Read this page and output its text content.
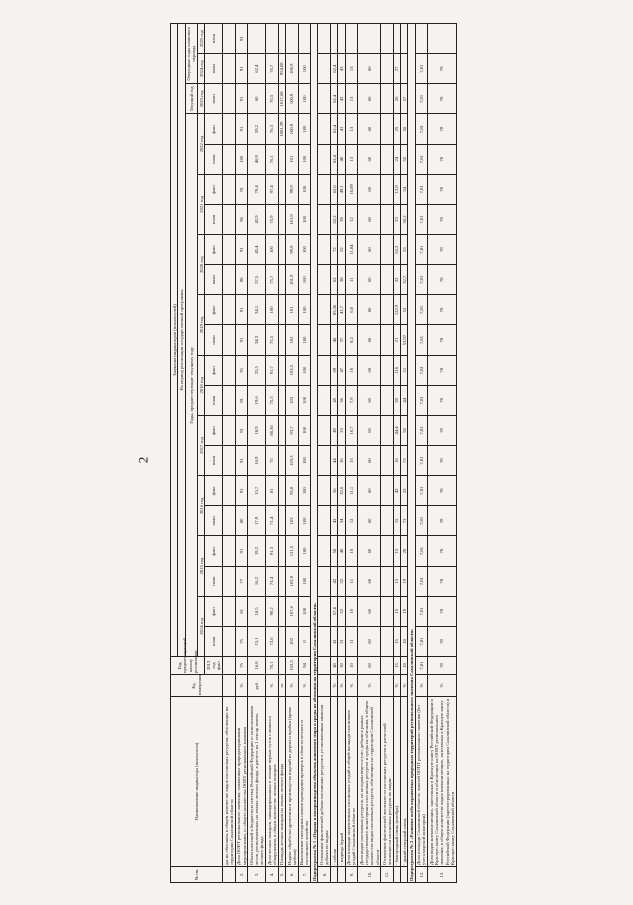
2
№ пп.	Наименование индикатора (показателя)	Ед. измерения	Год, предшествующий началу реализации	Значения индикаторов (показателей)																				
				На период реализации государственной программы																				
				Годы, предшествующие текущему году																		Текущий год	Очередные годы планового периода	
				2014 год		2015 год		2016 год		2017 год		2018 год		2019 год		2020 год		2021 год		2022 год		2023 год	2024 год	2025 год
			2013 год факт	план	факт	план	факт	план	факт	план	факт	план	факт	план	факт	план	факт	план	факт	план	факт	план	план	план
	ды их обитания, в общем количестве видов охотничьих ресурсов, обитающих на территории Сахалинской области																							
2.	Доля ООПТ регионального значения, охваченных природоохранными мероприятиями, от общего количества ООПТ регионального значения	%	75	75	81	77	91	80	91	91	91	91	91	91	91	98	91	96	91	100	91	91	91	91
3.	Объем платежей в бюджетную систему Российской Федерации от использования лесов, расположенных на землях лесного фонда, в расчете на 1 гектар земель лесного фонда	руб.	16,8	15,1	18,5	16,2	19,2	17,9	15,7	16,9	18,9	19,6	25,5	34,3	34,1	57,5	45,4	42,9	70,4	46,9	59,2	60	62,4	
4.	Доля лесных пожаров, ликвидированных в течение первых суток с момента обнаружения, в общем количестве лесных пожаров	%	70,1	72,6	90,2	73,4	91,3	71,4	81	75	86,36	75,3	91,7	75,5	100	75,7	100	75,9	97,4	76,1	76,3	76,5	76,7	
5.	Площадь лесных пожаров на землях лесного фонда	га																			1081,29	1017,68	954,08	
6.	Индекс обработки древесины и производства изделий из дерева и пробки (кроме мебели)	%	103,3	102	107,6	102,9	121,5	103	95,8	103,3	93,7	103	103,5	102	101	101,9	99,9	101,9	99,9	101	100,9	100,9	100,9	
7.	Выполнение ежегодных планов проведения проверок в области лесного и охотничьего хозяйства	%	94	0	100	100	100	100	100	100	100	100	100	100	100	100	100	100	100	100	100	100	100	
Подпрограмма № 1 «Охрана и воспроизводство объектов животного мира и среды их обитания на территории Сахалинской области»																								
8.	Отношение фактической добычи охотничьих ресурсов к установленным лимитам добычи по видам:																							
	- соболь	%	40	41	57,4	42	58	43	56	44	49	45	69	46	85,36	62	72	62,2	62,6	62,4	62,4	62,4	62,4	
	- медведь бурый	%	30	31	32	32	40	34	32,6	36	33	36	47	37	41,7	38	52	39	49,1	40	41	42	43	
9.	Доля площади закрепленных охотничьих угодий в общей площади охотничьих угодий Сахалинской области	%	10	11	10	11	10	12	11,1	13	10,7	7,9	10	8,2	6,8	11	11,84	12	10,89	13	13	13	13	
10.	Доля видов охотничьих ресурсов, по которым ведется учет добычи в рамках государственного мониторинга охотничьих ресурсов и среды их обитания, в общем количестве видов охотничьих ресурсов, обитающих на территории Сахалинской области	%	60	60	60	60	60	60	60	60	60	60	60	60	60	60	60	60	60	60	60	60	60	
11.	Отношение фактической численности охотничьих ресурсов к расчетной численности охотничьих ресурсов по видам:																							
	- благородный олень (изюбрь)	%	15	15	15	15	15	15	42	16	44,4	20	116	21	122,9	22	62,2	23	12,9	24	25	26	27	
	- дикий северный олень	%	18	18	19	19	20	73	22	73	50	44	51	53,97	52	32,7	53	50,2	54	55	56	57		
Подпрограмма № 2 «Развитие особо охраняемых природных территорий регионального значения Сахалинской области»																								
12.	Доля площади Сахалинской области, занятой ООПТ регионального значения (без учета морской акватории)	%	7,81	7,81	7,81	7,81	7,81	7,81	7,81	7,81	7,81	7,81	7,81	7,81	7,81	7,81	7,81	7,81	7,81	7,81	7,81	7,81	7,81	
13.	Доля видов млекопитающих, занесенных в Красную книгу Российской Федерации и Красную книгу Сахалинской области и обитающих на ООПТ регионального значения, в общем количестве видов млекопитающих, занесенных в Красную книгу Российской Федерации (зарегистрированных на территории Сахалинской области) и Красную книгу Сахалинской области	%	78	78	78	78	78	78	78	78	78	78	78	78	78	78	78	78	78	78	78	78	78	
